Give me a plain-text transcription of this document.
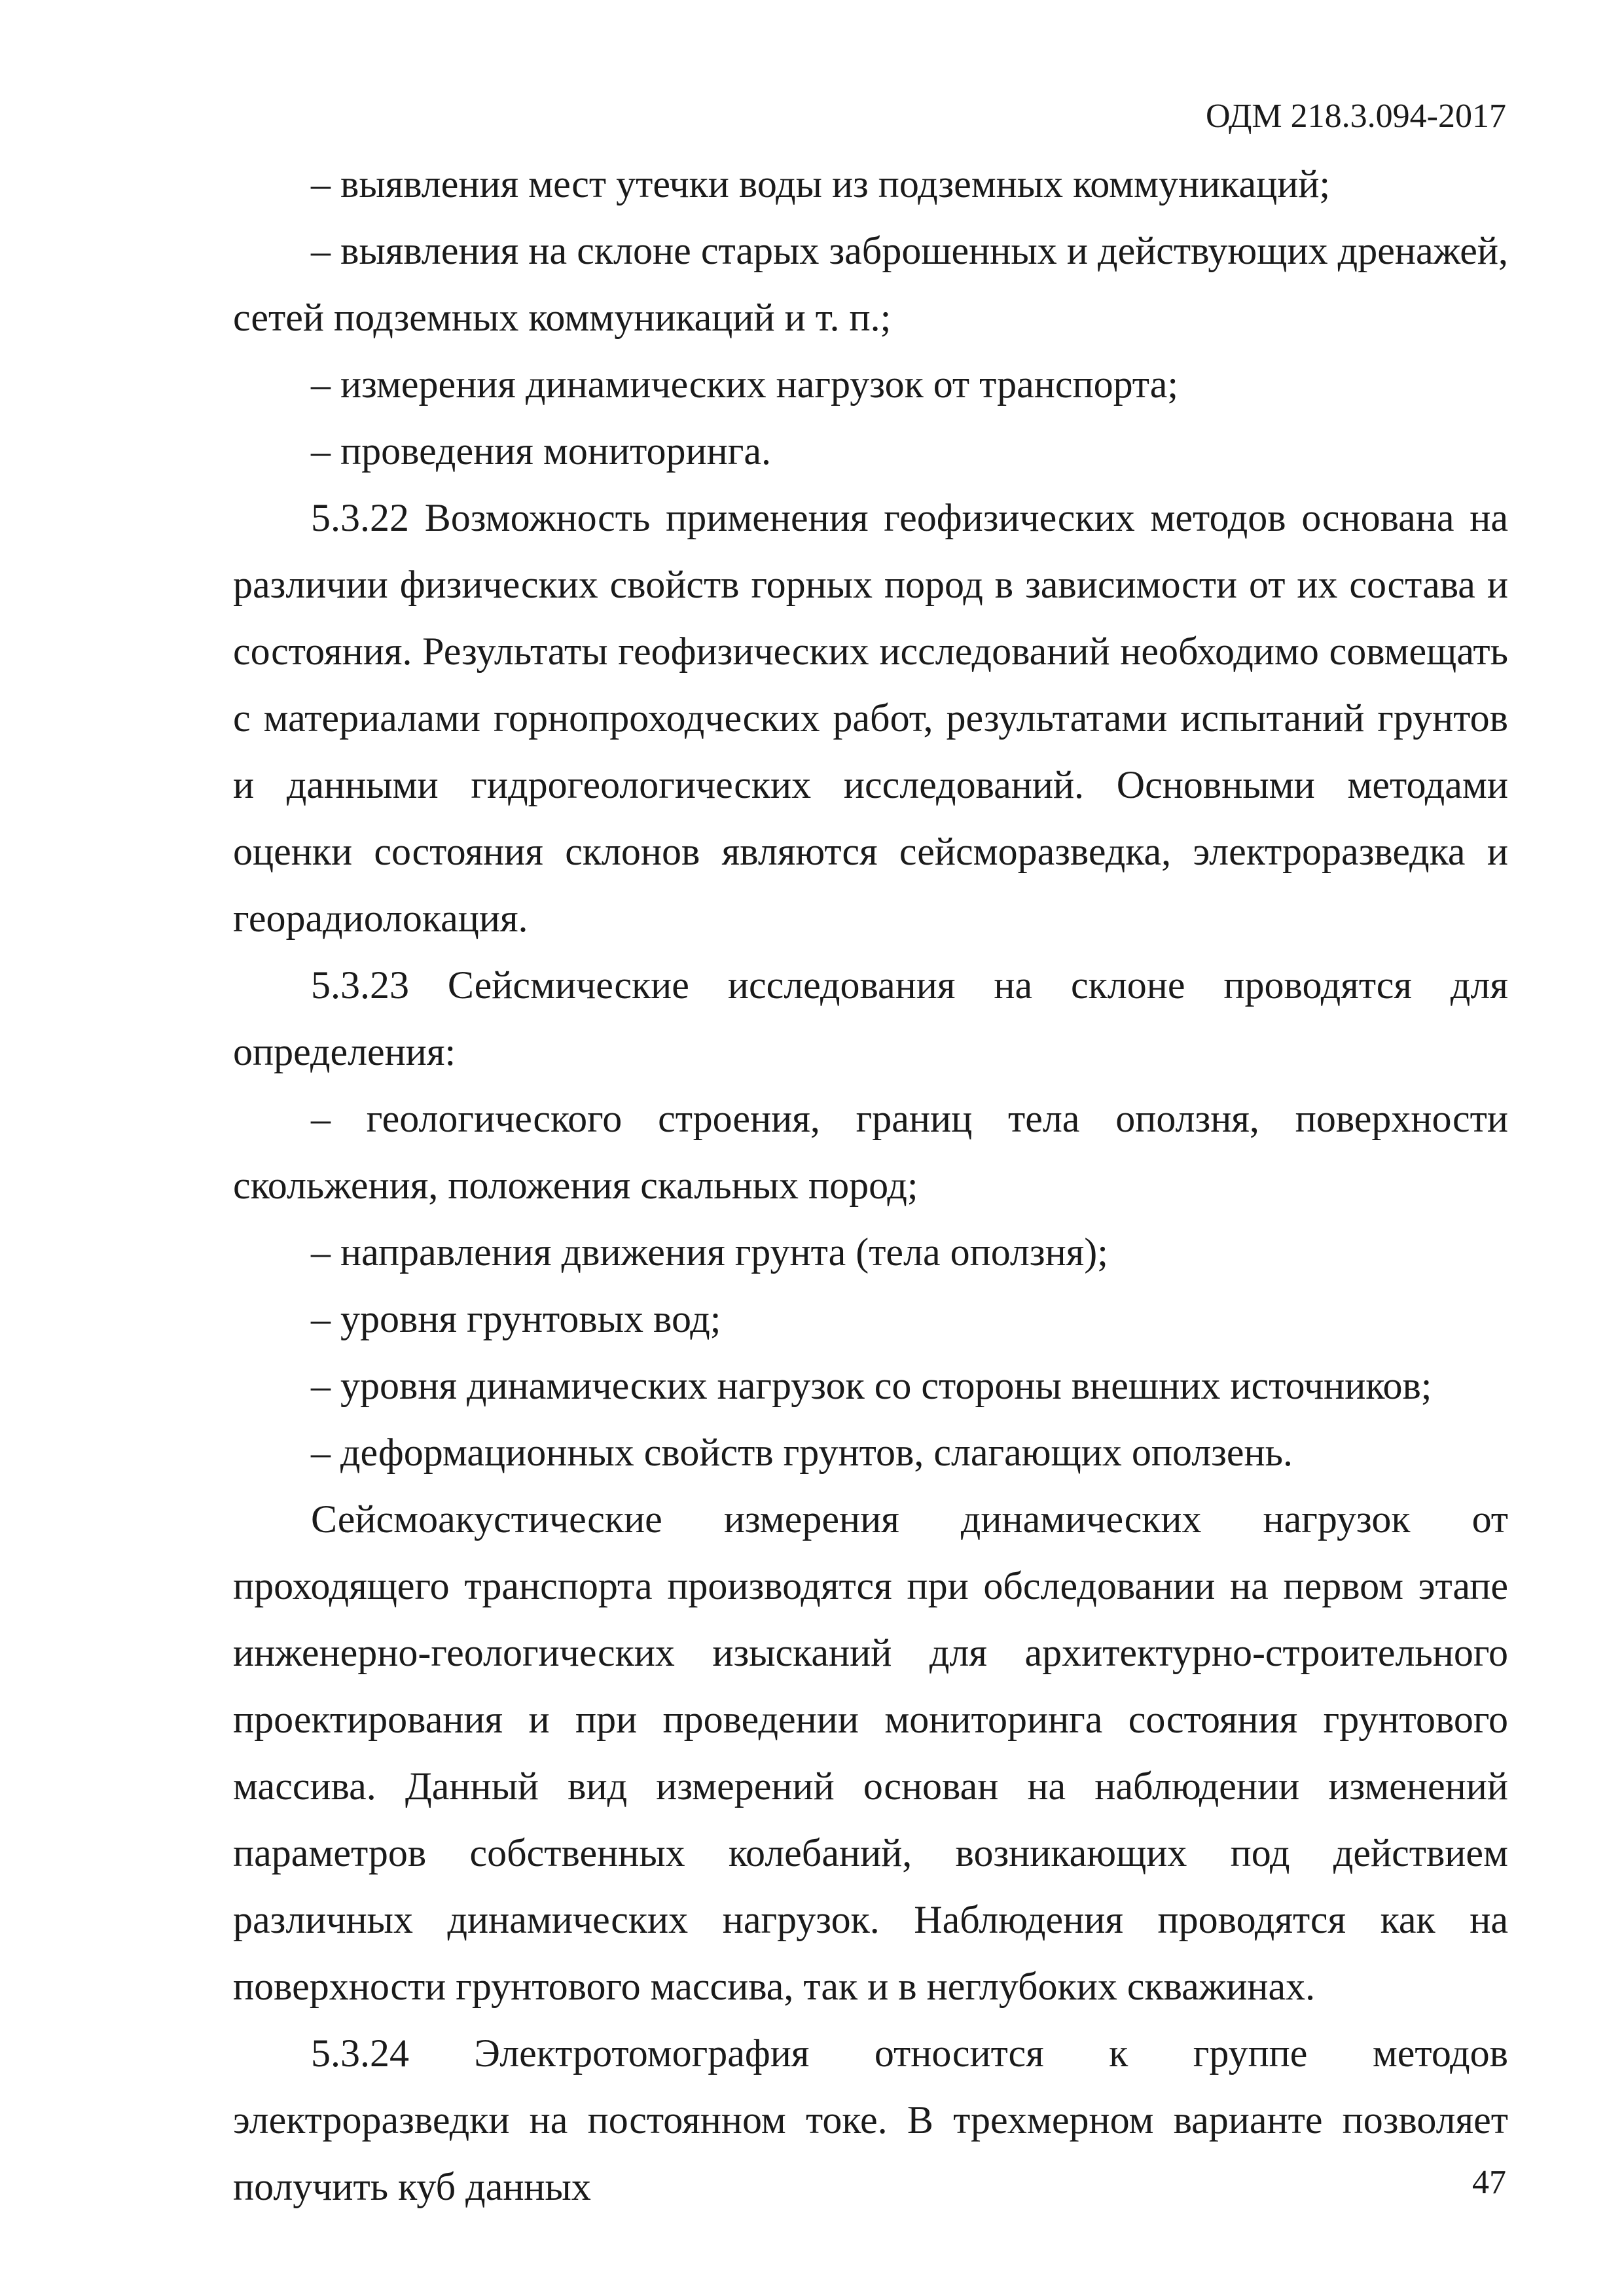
ОДМ 218.3.094-2017

– выявления мест утечки воды из подземных коммуникаций;

– выявления на склоне старых заброшенных и действующих дренажей, сетей подземных коммуникаций и т. п.;

– измерения динамических нагрузок от транспорта;

– проведения мониторинга.

5.3.22 Возможность применения геофизических методов основана на различии физических свойств горных пород в зависимости от их состава и состояния. Результаты геофизических исследований необходимо совмещать с материалами горнопроходческих работ, результатами испытаний грунтов и данными гидрогеологических исследований. Основными методами оценки состояния склонов являются сейсморазведка, электроразведка и георадиолокация.

5.3.23 Сейсмические исследования на склоне проводятся для определения:

– геологического строения, границ тела оползня, поверхности скольжения, положения скальных пород;

– направления движения грунта (тела оползня);

– уровня грунтовых вод;

– уровня динамических нагрузок со стороны внешних источников;

– деформационных свойств грунтов, слагающих оползень.

Сейсмоакустические измерения динамических нагрузок от проходящего транспорта производятся при обследовании на первом этапе инженерно-геологических изысканий для архитектурно-строительного проектирования и при проведении мониторинга состояния грунтового массива. Данный вид измерений основан на наблюдении изменений параметров собственных колебаний, возникающих под действием различных динамических нагрузок. Наблюдения проводятся как на поверхности грунтового массива, так и в неглубоких скважинах.

5.3.24 Электротомография относится к группе методов электроразведки на постоянном токе. В трехмерном варианте позволяет получить куб данных	47
